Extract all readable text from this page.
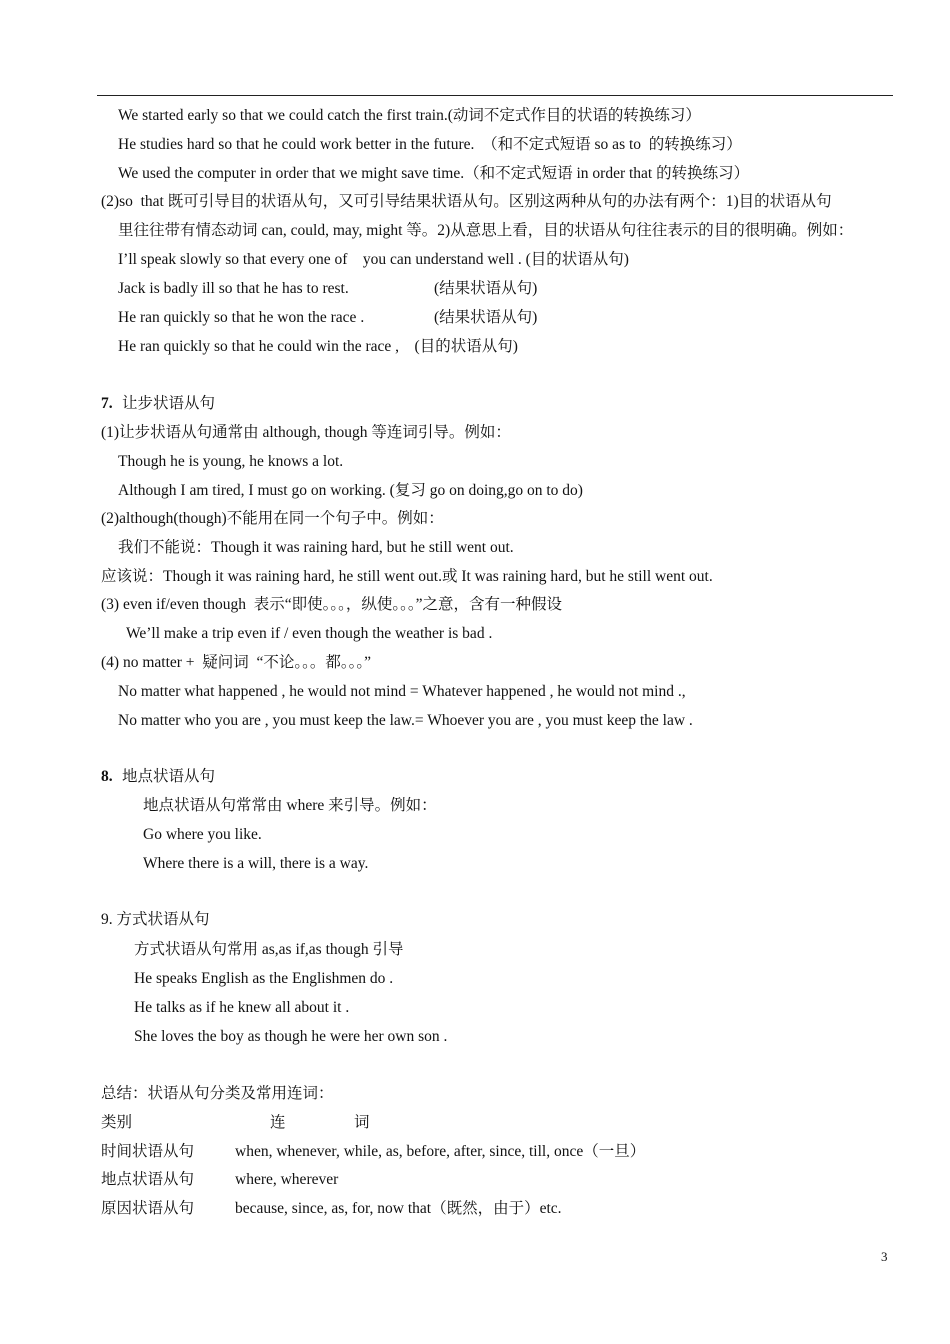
We started early so that we could catch the first train.(动词不定式作目的状语的转换练习）
He studies hard so that he could work better in the future.  （和不定式短语 so as to  的转换练习）
We used the computer in order that we might save time.（和不定式短语 in order that 的转换练习）
(2)so  that 既可引导目的状语从句，又可引导结果状语从句。区别这两种从句的办法有两个：1)目的状语从句
里往往带有情态动词 can, could, may, might 等。2)从意思上看，目的状语从句往往表示的目的很明确。例如：
I’ll speak slowly so that every one of    you can understand well . (目的状语从句)
Jack is badly ill so that he has to rest.	(结果状语从句)
He ran quickly so that he won the race .	(结果状语从句)
He ran quickly so that he could win the race ,    (目的状语从句)
7. 让步状语从句
(1)让步状语从句通常由 although, though 等连词引导。例如：
Though he is young, he knows a lot.
Although I am tired, I must go on working. (复习 go on doing,go on to do)
(2)although(though)不能用在同一个句子中。例如：
我们不能说：Though it was raining hard, but he still went out.
应该说：Though it was raining hard, he still went out.或 It was raining hard, but he still went out.
(3) even if/even though  表示“即使。。。，纵使。。。”之意，含有一种假设
We’ll make a trip even if / even though the weather is bad .
(4) no matter +  疑问词  “不论。。。都。。。”
No matter what happened , he would not mind = Whatever happened , he would not mind .,
No matter who you are , you must keep the law.= Whoever you are , you must keep the law .
8. 地点状语从句
地点状语从句常常由 where 来引导。例如：
Go where you like.
Where there is a will, there is a way.
9. 方式状语从句
方式状语从句常用 as,as if,as though 引导
He speaks English as the Englishmen do .
He talks as if he knew all about it .
She loves the boy as though he were her own son .
总结：状语从句分类及常用连词：
类别	连	词
时间状语从句	when, whenever, while, as, before, after, since, till, once（一旦）
地点状语从句	where, wherever
原因状语从句	because, since, as, for, now that（既然，由于）etc.
3
